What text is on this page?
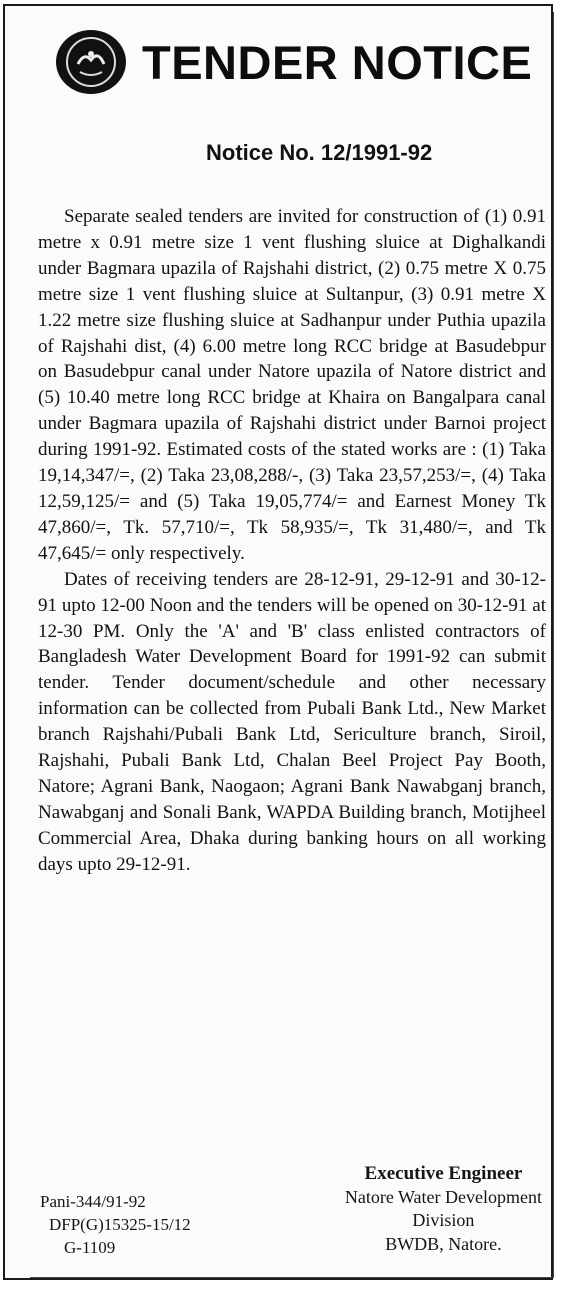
TENDER NOTICE
Notice No. 12/1991-92

Separate sealed tenders are invited for construction of (1) 0.91 metre x 0.91 metre size 1 vent flushing sluice at Dighalkandi under Bagmara upazila of Rajshahi district, (2) 0.75 metre X 0.75 metre size 1 vent flushing sluice at Sultanpur, (3) 0.91 metre X 1.22 metre size flushing sluice at Sadhanpur under Puthia upazila of Rajshahi dist, (4) 6.00 metre long RCC bridge at Basudebpur on Basudebpur canal under Natore upazila of Natore district and (5) 10.40 metre long RCC bridge at Khaira on Bangalpara canal under Bagmara upazila of Rajshahi district under Barnoi project during 1991-92. Estimated costs of the stated works are : (1) Taka 19,14,347/=, (2) Taka 23,08,288/-, (3) Taka 23,57,253/=, (4) Taka 12,59,125/= and (5) Taka 19,05,774/= and Earnest Money Tk 47,860/=, Tk. 57,710/=, Tk 58,935/=, Tk 31,480/=, and Tk 47,645/= only respectively.

Dates of receiving tenders are 28-12-91, 29-12-91 and 30-12-91 upto 12-00 Noon and the tenders will be opened on 30-12-91 at 12-30 PM. Only the 'A' and 'B' class enlisted contractors of Bangladesh Water Development Board for 1991-92 can submit tender. Tender document/schedule and other necessary information can be collected from Pubali Bank Ltd., New Market branch Rajshahi/Pubali Bank Ltd, Sericulture branch, Siroil, Rajshahi, Pubali Bank Ltd, Chalan Beel Project Pay Booth, Natore; Agrani Bank, Naogaon; Agrani Bank Nawabganj branch, Nawabganj and Sonali Bank, WAPDA Building branch, Motijheel Commercial Area, Dhaka during banking hours on all working days upto 29-12-91.

Pani-344/91-92
DFP(G)15325-15/12
G-1109
Executive Engineer
Natore Water Development
Division
BWDB, Natore.
